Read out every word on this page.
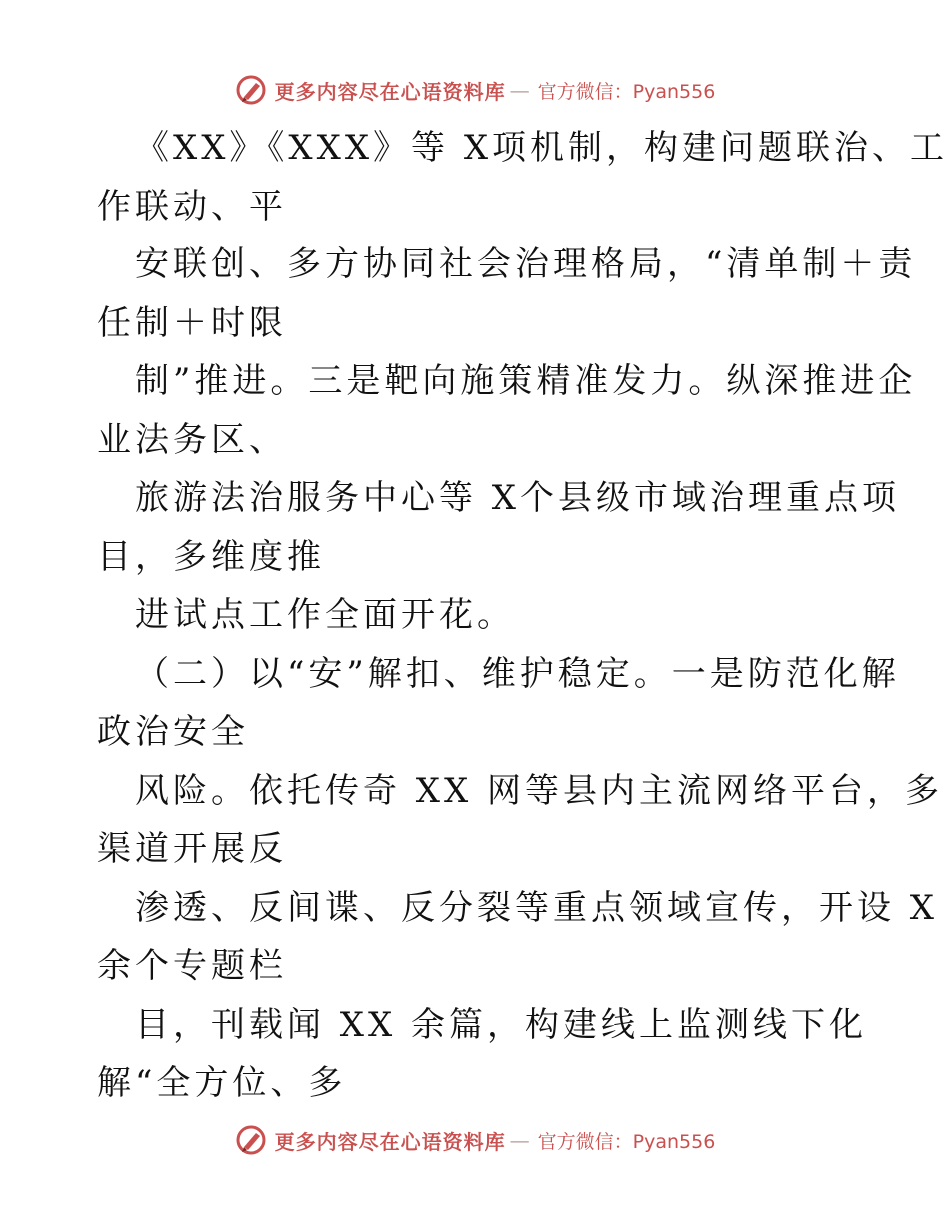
更多内容尽在心语资料库 — 官方微信：Pyan556
《XX》《XXX》等 X项机制，构建问题联治、工
作联动、平
安联创、多方协同社会治理格局，“清单制＋责
任制＋时限
制”推进。三是靶向施策精准发力。纵深推进企
业法务区、
旅游法治服务中心等 X个县级市域治理重点项
目，多维度推
进试点工作全面开花。
（二）以“安”解扣、维护稳定。一是防范化解
政治安全
风险。依托传奇 XX 网等县内主流网络平台，多
渠道开展反
渗透、反间谍、反分裂等重点领域宣传，开设 X
余个专题栏
目，刊载闻 XX 余篇，构建线上监测线下化
解“全方位、多
更多内容尽在心语资料库 — 官方微信：Pyan556
